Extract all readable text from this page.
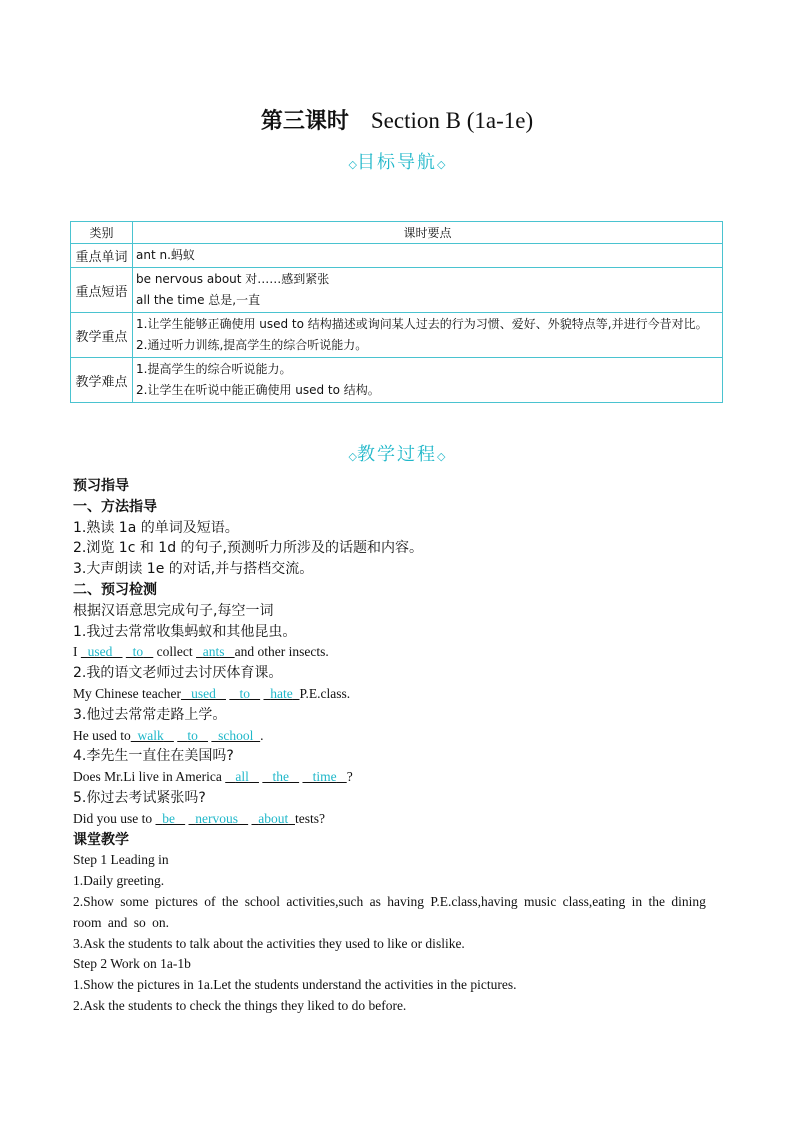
第三课时 Section B (1a-1e)
◇目标导航◇
类别	课时要点
重点单词	ant n.蚂蚁

重点短语	be nervous about 对……感到紧张
all the time 总是,一直

教学重点	1.让学生能够正确使用 used to 结构描述或询问某人过去的行为习惯、爱好、外貌特点等,并进行今昔对比。
2.通过听力训练,提高学生的综合听说能力。

教学难点	1.提高学生的综合听说能力。
2.让学生在听说中能正确使用 used to 结构。
◇教学过程◇
预习指导
一、方法指导
1.熟读 1a 的单词及短语。
2.浏览 1c 和 1d 的句子,预测听力所涉及的话题和内容。
3.大声朗读 1e 的对话,并与搭档交流。
二、预习检测
根据汉语意思完成句子,每空一词
1.我过去常常收集蚂蚁和其他昆虫。
I used to collect ants and other insects.
2.我的语文老师过去讨厌体育课。
My Chinese teacher used to hate P.E.class.
3.他过去常常走路上学。
He used to walk to school .
4.李先生一直住在美国吗?
Does Mr.Li live in America all the time ?
5.你过去考试紧张吗?
Did you use to be nervous about tests?
课堂教学
Step 1 Leading in
1.Daily greeting.
2.Show some pictures of the school activities,such as having P.E.class,having music class,eating in the dining room and so on.
3.Ask the students to talk about the activities they used to like or dislike.
Step 2 Work on 1a-1b
1.Show the pictures in 1a.Let the students understand the activities in the pictures.
2.Ask the students to check the things they liked to do before.
